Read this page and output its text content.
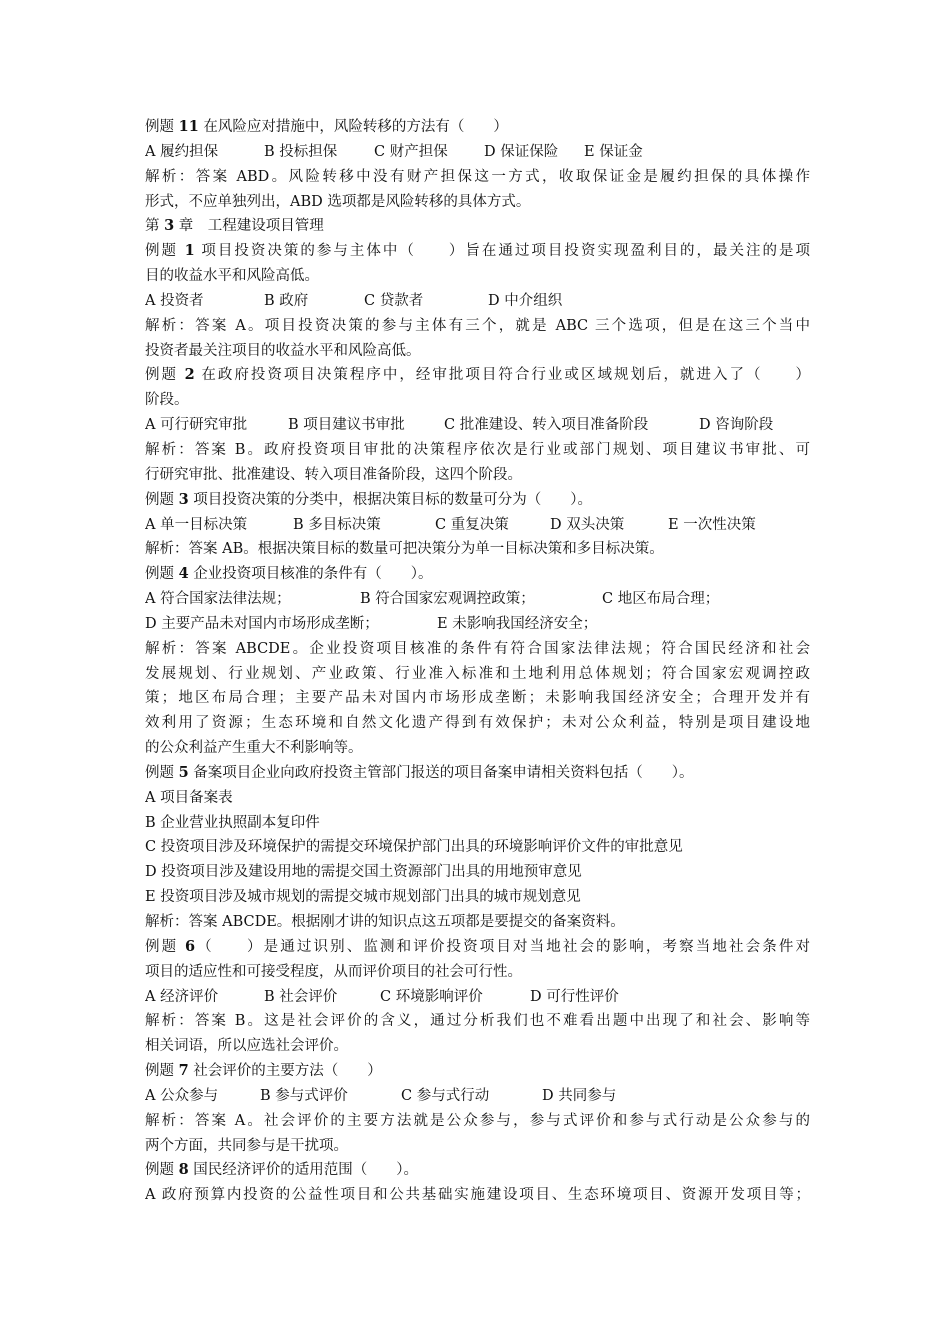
例题 11 在风险应对措施中，风险转移的方法有（　　）
A 履约担保	B 投标担保	C 财产担保	D 保证保险	E 保证金
解析：答案 ABD。风险转移中没有财产担保这一方式，收取保证金是履约担保的具体操作
形式，不应单独列出，ABD 选项都是风险转移的具体方式。
第 3 章　工程建设项目管理
例题 1 项目投资决策的参与主体中（　　）旨在通过项目投资实现盈利目的，最关注的是项
目的收益水平和风险高低。
A 投资者	B 政府	C 贷款者	D 中介组织
解析：答案 A。项目投资决策的参与主体有三个，就是 ABC 三个选项，但是在这三个当中
投资者最关注项目的收益水平和风险高低。
例题 2 在政府投资项目决策程序中，经审批项目符合行业或区域规划后，就进入了（　　）
阶段。
A 可行研究审批	B 项目建议书审批	C 批准建设、转入项目准备阶段	D 咨询阶段
解析：答案 B。政府投资项目审批的决策程序依次是行业或部门规划、项目建议书审批、可
行研究审批、批准建设、转入项目准备阶段，这四个阶段。
例题 3 项目投资决策的分类中，根据决策目标的数量可分为（　　）。
A 单一目标决策	B 多目标决策	C 重复决策	D 双头决策	E 一次性决策
解析：答案 AB。根据决策目标的数量可把决策分为单一目标决策和多目标决策。
例题 4 企业投资项目核准的条件有（　　）。
A 符合国家法律法规；	B 符合国家宏观调控政策；	C 地区布局合理；
D 主要产品未对国内市场形成垄断；	E 未影响我国经济安全；
解析：答案 ABCDE。企业投资项目核准的条件有符合国家法律法规；符合国民经济和社会
发展规划、行业规划、产业政策、行业准入标准和土地利用总体规划；符合国家宏观调控政
策；地区布局合理；主要产品未对国内市场形成垄断；未影响我国经济安全；合理开发并有
效利用了资源；生态环境和自然文化遗产得到有效保护；未对公众利益，特别是项目建设地
的公众利益产生重大不利影响等。
例题 5 备案项目企业向政府投资主管部门报送的项目备案申请相关资料包括（　　）。
A 项目备案表
B 企业营业执照副本复印件
C 投资项目涉及环境保护的需提交环境保护部门出具的环境影响评价文件的审批意见
D 投资项目涉及建设用地的需提交国土资源部门出具的用地预审意见
E 投资项目涉及城市规划的需提交城市规划部门出具的城市规划意见
解析：答案 ABCDE。根据刚才讲的知识点这五项都是要提交的备案资料。
例题 6（　　）是通过识别、监测和评价投资项目对当地社会的影响，考察当地社会条件对
项目的适应性和可接受程度，从而评价项目的社会可行性。
A 经济评价	B 社会评价	C 环境影响评价	D 可行性评价
解析：答案 B。这是社会评价的含义，通过分析我们也不难看出题中出现了和社会、影响等
相关词语，所以应选社会评价。
例题 7 社会评价的主要方法（　　）
A 公众参与	B 参与式评价	C 参与式行动	D 共同参与
解析：答案 A。社会评价的主要方法就是公众参与，参与式评价和参与式行动是公众参与的
两个方面，共同参与是干扰项。
例题 8 国民经济评价的适用范围（　　）。
A 政府预算内投资的公益性项目和公共基础实施建设项目、生态环境项目、资源开发项目等；
